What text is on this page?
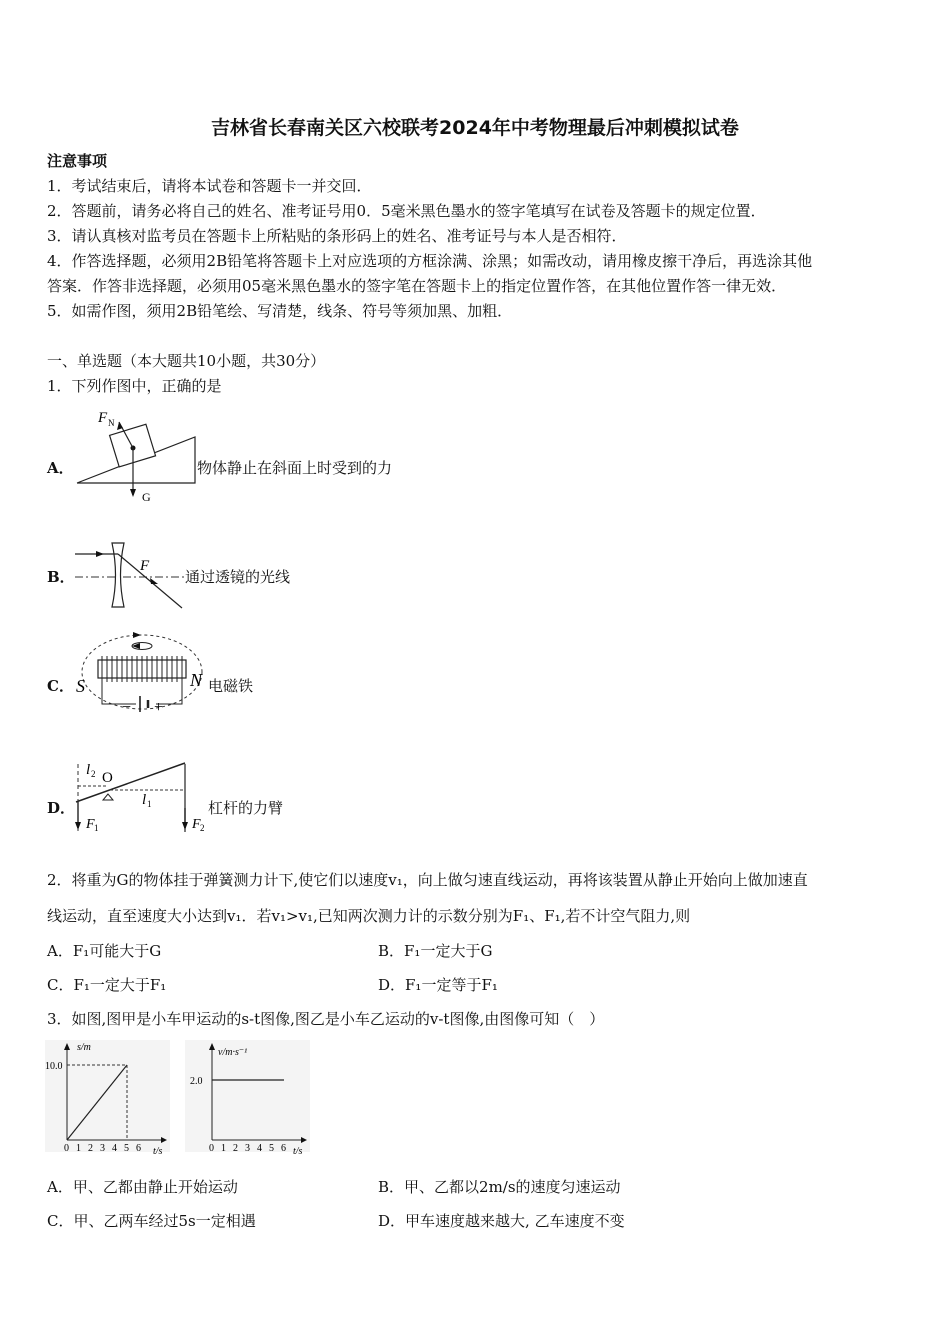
吉林省长春南关区六校联考2024年中考物理最后冲刺模拟试卷
注意事项
1．考试结束后，请将本试卷和答题卡一并交回．
2．答题前，请务必将自己的姓名、准考证号用0．5毫米黑色墨水的签字笔填写在试卷及答题卡的规定位置．
3．请认真核对监考员在答题卡上所粘贴的条形码上的姓名、准考证号与本人是否相符．
4．作答选择题，必须用2B铅笔将答题卡上对应选项的方框涂满、涂黑；如需改动，请用橡皮擦干净后，再选涂其他
答案．作答非选择题，必须用05毫米黑色墨水的签字笔在答题卡上的指定位置作答，在其他位置作答一律无效．
5．如需作图，须用2B铅笔绘、写清楚，线条、符号等须加黑、加粗．
一、单选题（本大题共10小题，共30分）
1．下列作图中，正确的是
A．
F N
G
物体静止在斜面上时受到的力
B．
F
通过透镜的光线
C． S	N
− +
电磁铁
D．
l 2 O
l 1
F 1	F 2
杠杆的力臂
2．将重为G的物体挂于弹簧测力计下,使它们以速度v₁，向上做匀速直线运动，再将该装置从静止开始向上做加速直
线运动，直至速度大小达到v₁．若v₁>v₁,已知两次测力计的示数分别为F₁、F₁,若不计空气阻力,则
A．F₁可能大于G	B．F₁一定大于G
C．F₁一定大于F₁	D．F₁一定等于F₁
3．如图,图甲是小车甲运动的s-t图像,图乙是小车乙运动的v-t图像,由图像可知（　）
0 1 2 3 4 5 6
s/m
t/s
10.0
0 1 2 3 4 5 6
v/m·s⁻¹
t/s
2.0
A．甲、乙都由静止开始运动	B．甲、乙都以2m/s的速度匀速运动
C．甲、乙两车经过5s一定相遇	D．甲车速度越来越大, 乙车速度不变
